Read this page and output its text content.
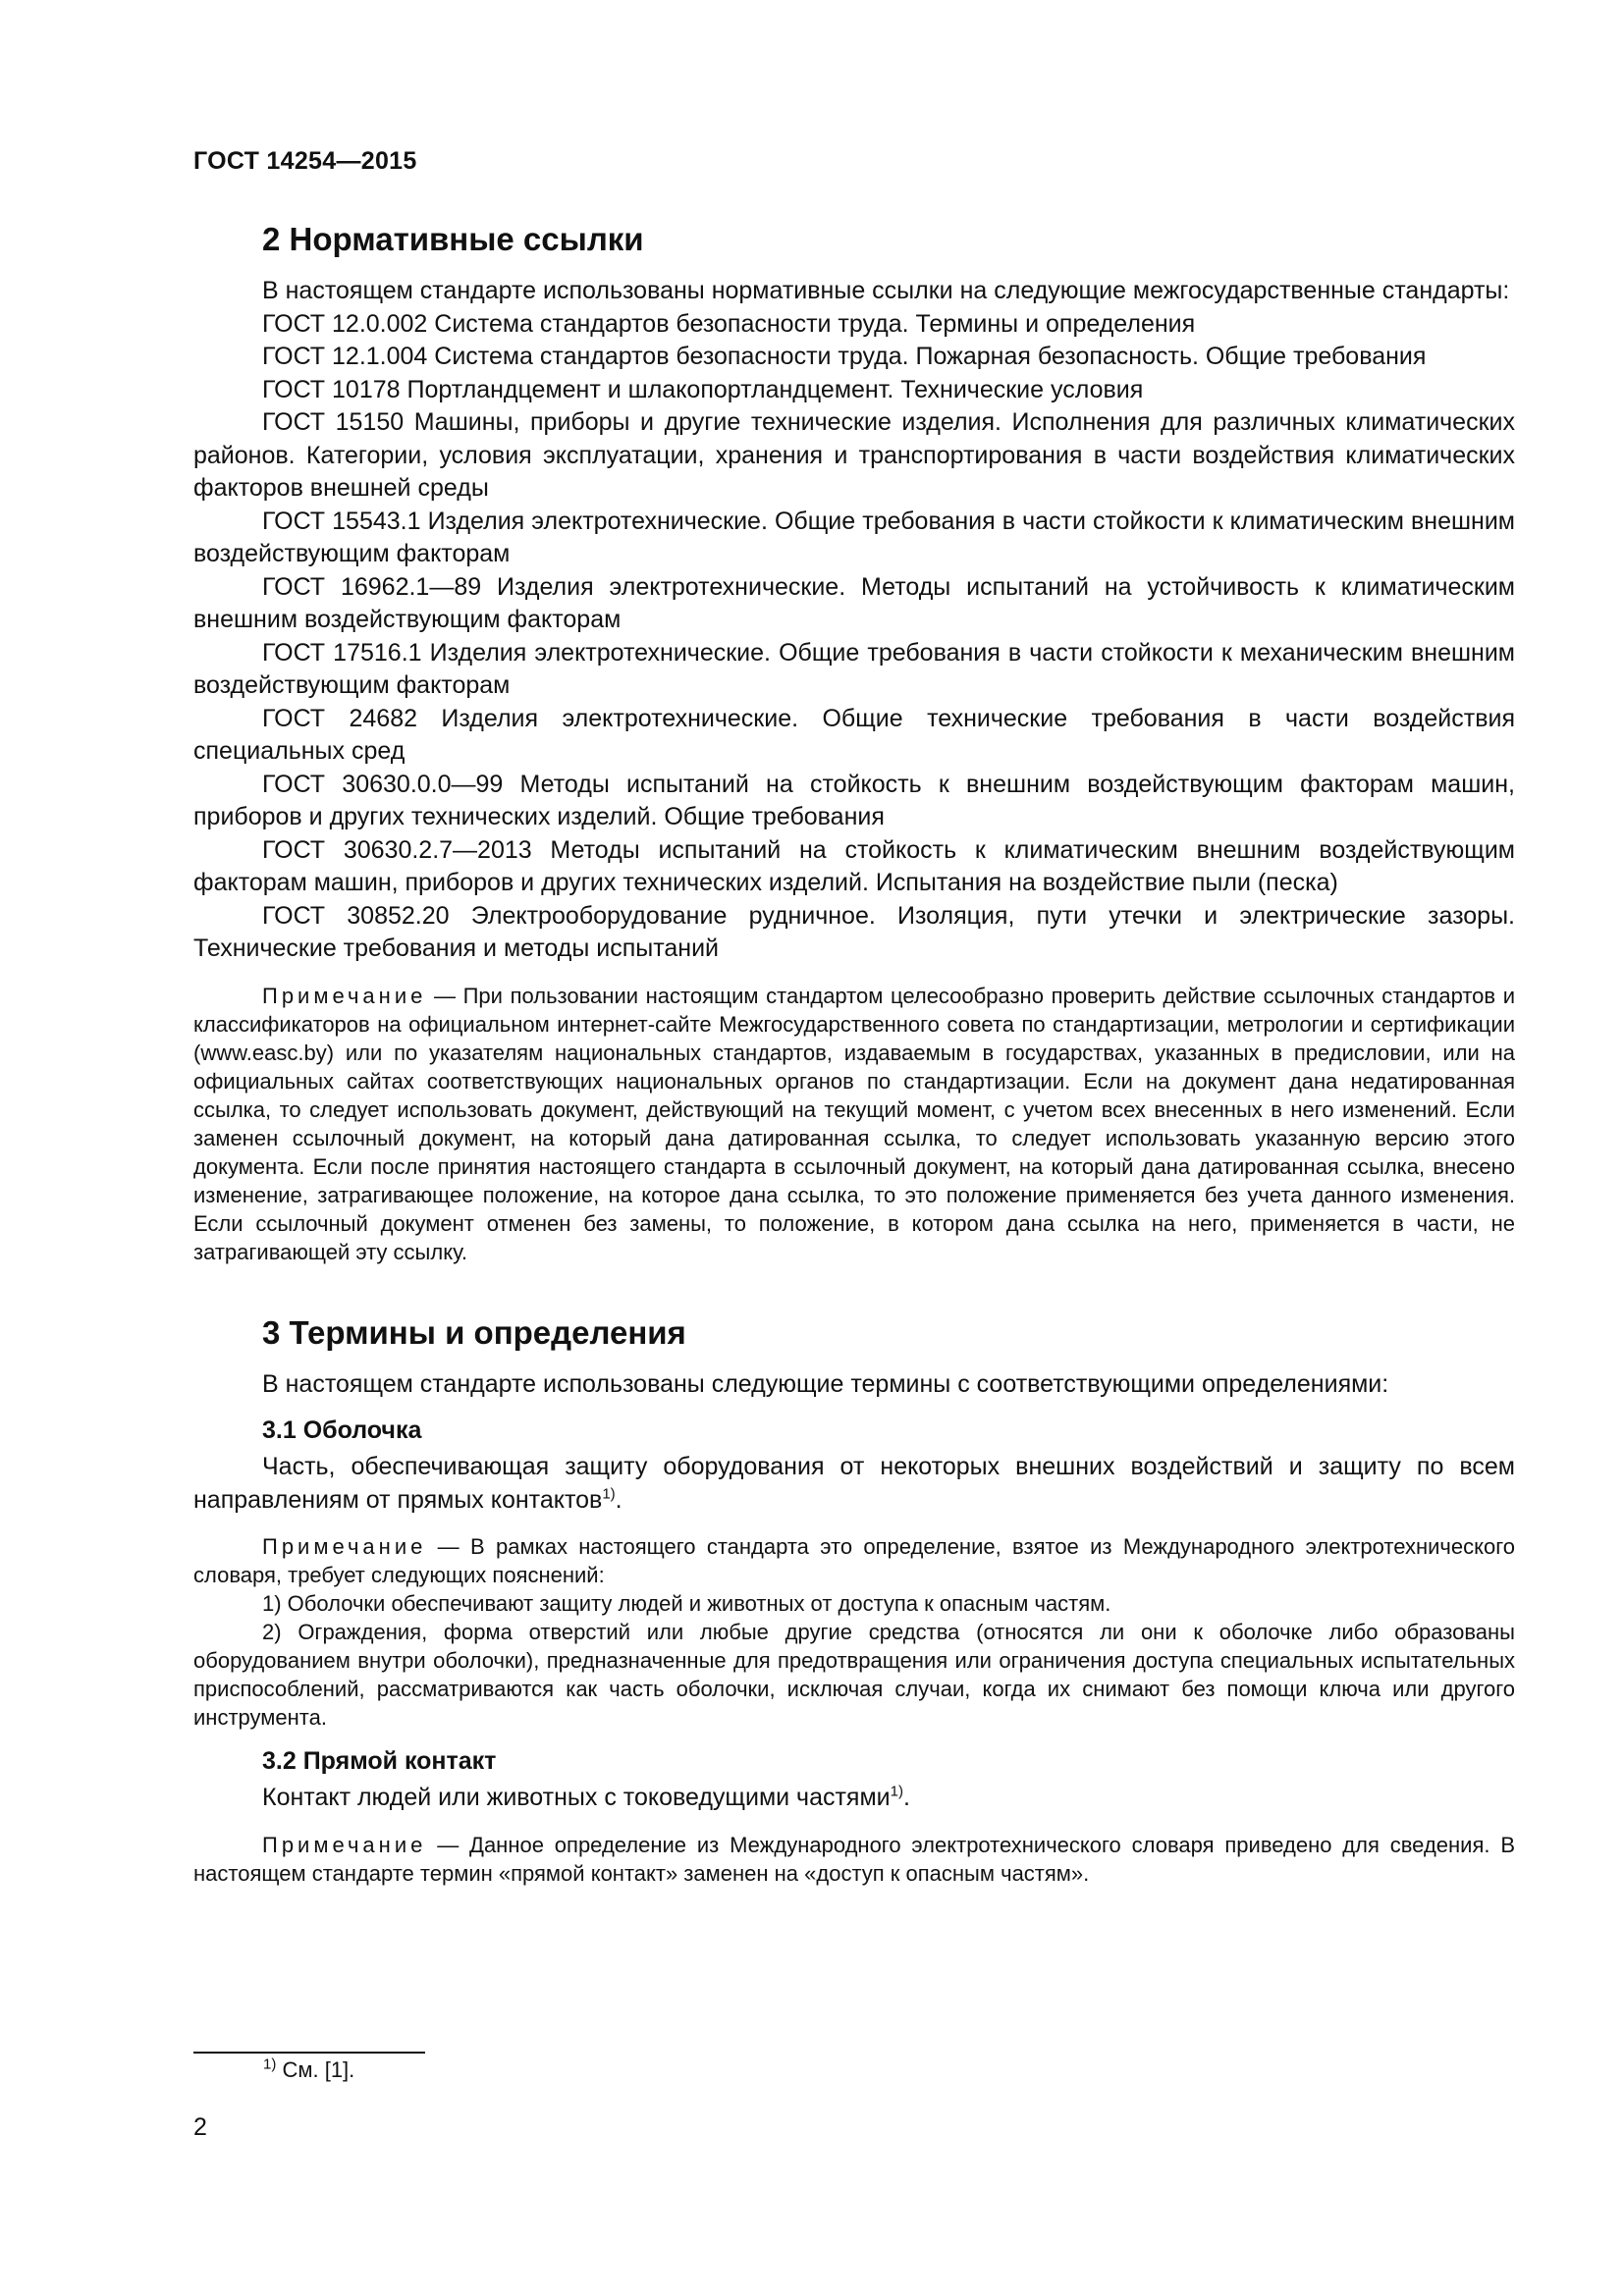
ГОСТ 14254—2015
2 Нормативные ссылки

В настоящем стандарте использованы нормативные ссылки на следующие межгосударственные стандарты:

ГОСТ 12.0.002 Система стандартов безопасности труда. Термины и определения

ГОСТ 12.1.004 Система стандартов безопасности труда. Пожарная безопасность. Общие требования

ГОСТ 10178 Портландцемент и шлакопортландцемент. Технические условия

ГОСТ 15150 Машины, приборы и другие технические изделия. Исполнения для различных климатических районов. Категории, условия эксплуатации, хранения и транспортирования в части воздействия климатических факторов внешней среды

ГОСТ 15543.1 Изделия электротехнические. Общие требования в части стойкости к климатическим внешним воздействующим факторам

ГОСТ 16962.1—89 Изделия электротехнические. Методы испытаний на устойчивость к климатическим внешним воздействующим факторам

ГОСТ 17516.1 Изделия электротехнические. Общие требования в части стойкости к механическим внешним воздействующим факторам

ГОСТ 24682 Изделия электротехнические. Общие технические требования в части воздействия специальных сред

ГОСТ 30630.0.0—99 Методы испытаний на стойкость к внешним воздействующим факторам машин, приборов и других технических изделий. Общие требования

ГОСТ 30630.2.7—2013 Методы испытаний на стойкость к климатическим внешним воздействующим факторам машин, приборов и других технических изделий. Испытания на воздействие пыли (песка)

ГОСТ 30852.20 Электрооборудование рудничное. Изоляция, пути утечки и электрические зазоры. Технические требования и методы испытаний

Примечание — При пользовании настоящим стандартом целесообразно проверить действие ссылочных стандартов и классификаторов на официальном интернет-сайте Межгосударственного совета по стандартизации, метрологии и сертификации (www.easc.by) или по указателям национальных стандартов, издаваемым в государствах, указанных в предисловии, или на официальных сайтах соответствующих национальных органов по стандартизации. Если на документ дана недатированная ссылка, то следует использовать документ, действующий на текущий момент, с учетом всех внесенных в него изменений. Если заменен ссылочный документ, на который дана датированная ссылка, то следует использовать указанную версию этого документа. Если после принятия настоящего стандарта в ссылочный документ, на который дана датированная ссылка, внесено изменение, затрагивающее положение, на которое дана ссылка, то это положение применяется без учета данного изменения. Если ссылочный документ отменен без замены, то положение, в котором дана ссылка на него, применяется в части, не затрагивающей эту ссылку.

3 Термины и определения

В настоящем стандарте использованы следующие термины с соответствующими определениями:

3.1 Оболочка

Часть, обеспечивающая защиту оборудования от некоторых внешних воздействий и защиту по всем направлениям от прямых контактов$^{1)}$.

Примечание — В рамках настоящего стандарта это определение, взятое из Международного электротехнического словаря, требует следующих пояснений:

1) Оболочки обеспечивают защиту людей и животных от доступа к опасным частям.

2) Ограждения, форма отверстий или любые другие средства (относятся ли они к оболочке либо образованы оборудованием внутри оболочки), предназначенные для предотвращения или ограничения доступа специальных испытательных приспособлений, рассматриваются как часть оболочки, исключая случаи, когда их снимают без помощи ключа или другого инструмента.

3.2 Прямой контакт

Контакт людей или животных с токоведущими частями$^{1)}$.

Примечание — Данное определение из Международного электротехнического словаря приведено для сведения. В настоящем стандарте термин «прямой контакт» заменен на «доступ к опасным частям».

$^{1)}$ См. [1].
2
